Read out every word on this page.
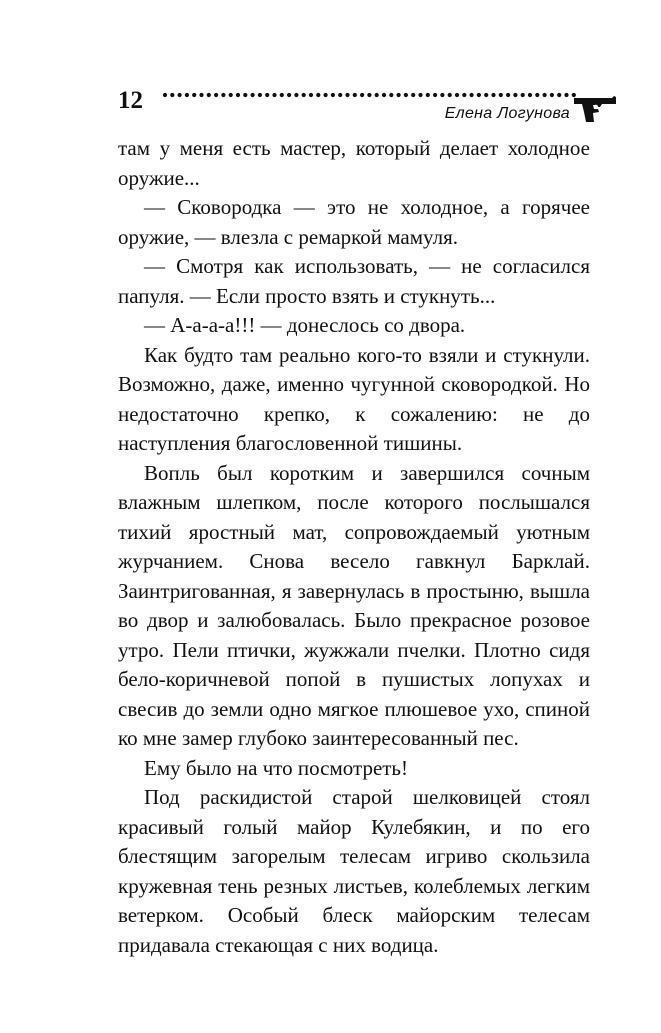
12	Елена Логунова

там у меня есть мастер, который делает холодное оружие...

— Сковородка — это не холодное, а горячее оружие, — влезла с ремаркой мамуля.

— Смотря как использовать, — не согласился папуля. — Если просто взять и стукнуть...

— А-а-а-а!!! — донеслось со двора.

Как будто там реально кого-то взяли и стукнули. Возможно, даже, именно чугунной сковородкой. Но недостаточно крепко, к сожалению: не до наступления благословенной тишины.

Вопль был коротким и завершился сочным влажным шлепком, после которого послышался тихий яростный мат, сопровождаемый уютным журчанием. Снова весело гавкнул Барклай. Заинтригованная, я завернулась в простыню, вышла во двор и залюбовалась. Было прекрасное розовое утро. Пели птички, жужжали пчелки. Плотно сидя бело-коричневой попой в пушистых лопухах и свесив до земли одно мягкое плюшевое ухо, спиной ко мне замер глубоко заинтересованный пес.

Ему было на что посмотреть!

Под раскидистой старой шелковицей стоял красивый голый майор Кулебякин, и по его блестящим загорелым телесам игриво скользила кружевная тень резных листьев, колеблемых легким ветерком. Особый блеск майорским телесам придавала стекающая с них водица.
